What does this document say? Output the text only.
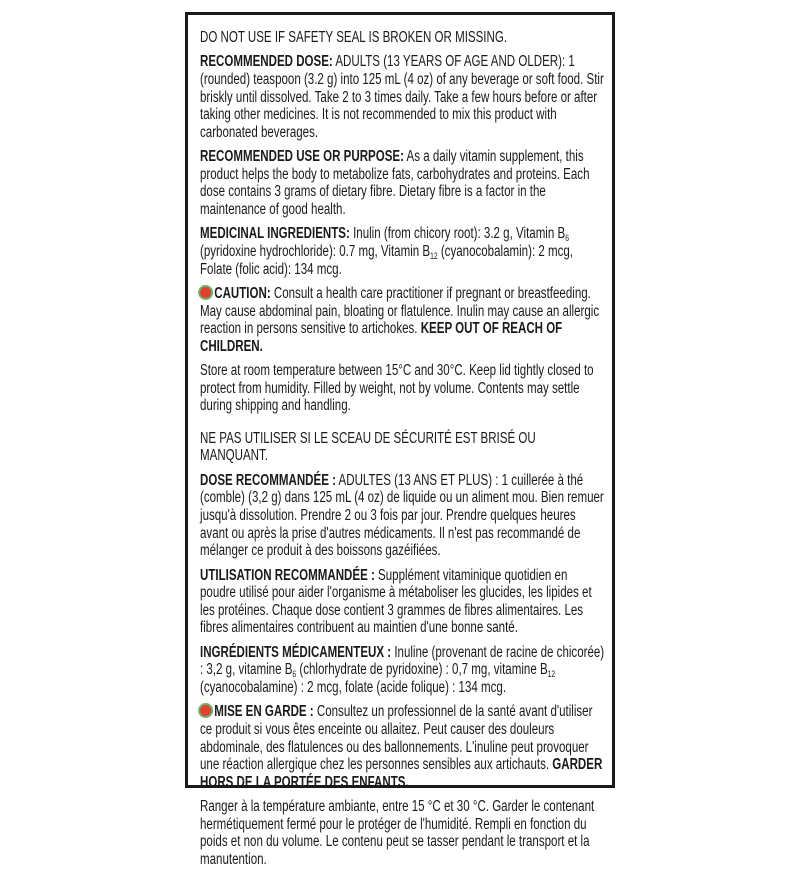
DO NOT USE IF SAFETY SEAL IS BROKEN OR MISSING.

RECOMMENDED DOSE: ADULTS (13 YEARS OF AGE AND OLDER): 1 (rounded) teaspoon (3.2 g) into 125 mL (4 oz) of any beverage or soft food. Stir briskly until dissolved. Take 2 to 3 times daily. Take a few hours before or after taking other medicines. It is not recommended to mix this product with carbonated beverages.

RECOMMENDED USE OR PURPOSE: As a daily vitamin supplement, this product helps the body to metabolize fats, carbohydrates and proteins. Each dose contains 3 grams of dietary fibre. Dietary fibre is a factor in the maintenance of good health.

MEDICINAL INGREDIENTS: Inulin (from chicory root): 3.2 g, Vitamin $B_6$ (pyridoxine hydrochloride): 0.7 mg, Vitamin $B_{12}$ (cyanocobalamin): 2 mcg, Folate (folic acid): 134 mcg.

CAUTION: Consult a health care practitioner if pregnant or breastfeeding. May cause abdominal pain, bloating or flatulence. Inulin may cause an allergic reaction in persons sensitive to artichokes. KEEP OUT OF REACH OF CHILDREN.

Store at room temperature between 15°C and 30°C. Keep lid tightly closed to protect from humidity. Filled by weight, not by volume. Contents may settle during shipping and handling.

NE PAS UTILISER SI LE SCEAU DE SÉCURITÉ EST BRISÉ OU MANQUANT.

DOSE RECOMMANDÉE : ADULTES (13 ANS ET PLUS) : 1 cuillerée à thé (comble) (3,2 g) dans 125 mL (4 oz) de liquide ou un aliment mou. Bien remuer jusqu'à dissolution. Prendre 2 ou 3 fois par jour. Prendre quelques heures avant ou après la prise d'autres médicaments. Il n'est pas recommandé de mélanger ce produit à des boissons gazéifiées.

UTILISATION RECOMMANDÉE : Supplément vitaminique quotidien en poudre utilisé pour aider l'organisme à métaboliser les glucides, les lipides et les protéines. Chaque dose contient 3 grammes de fibres alimentaires. Les fibres alimentaires contribuent au maintien d'une bonne santé.

INGRÉDIENTS MÉDICAMENTEUX : Inuline (provenant de racine de chicorée) : 3,2 g, vitamine $B_6$ (chlorhydrate de pyridoxine) : 0,7 mg, vitamine $B_{12}$ (cyanocobalamine) : 2 mcg, folate (acide folique) : 134 mcg.

MISE EN GARDE : Consultez un professionnel de la santé avant d'utiliser ce produit si vous êtes enceinte ou allaitez. Peut causer des douleurs abdominale, des flatulences ou des ballonnements. L'inuline peut provoquer une réaction allergique chez les personnes sensibles aux artichauts. GARDER HORS DE LA PORTÉE DES ENFANTS.

Ranger à la température ambiante, entre 15 °C et 30 °C. Garder le contenant hermétiquement fermé pour le protéger de l'humidité. Rempli en fonction du poids et non du volume. Le contenu peut se tasser pendant le transport et la manutention.
